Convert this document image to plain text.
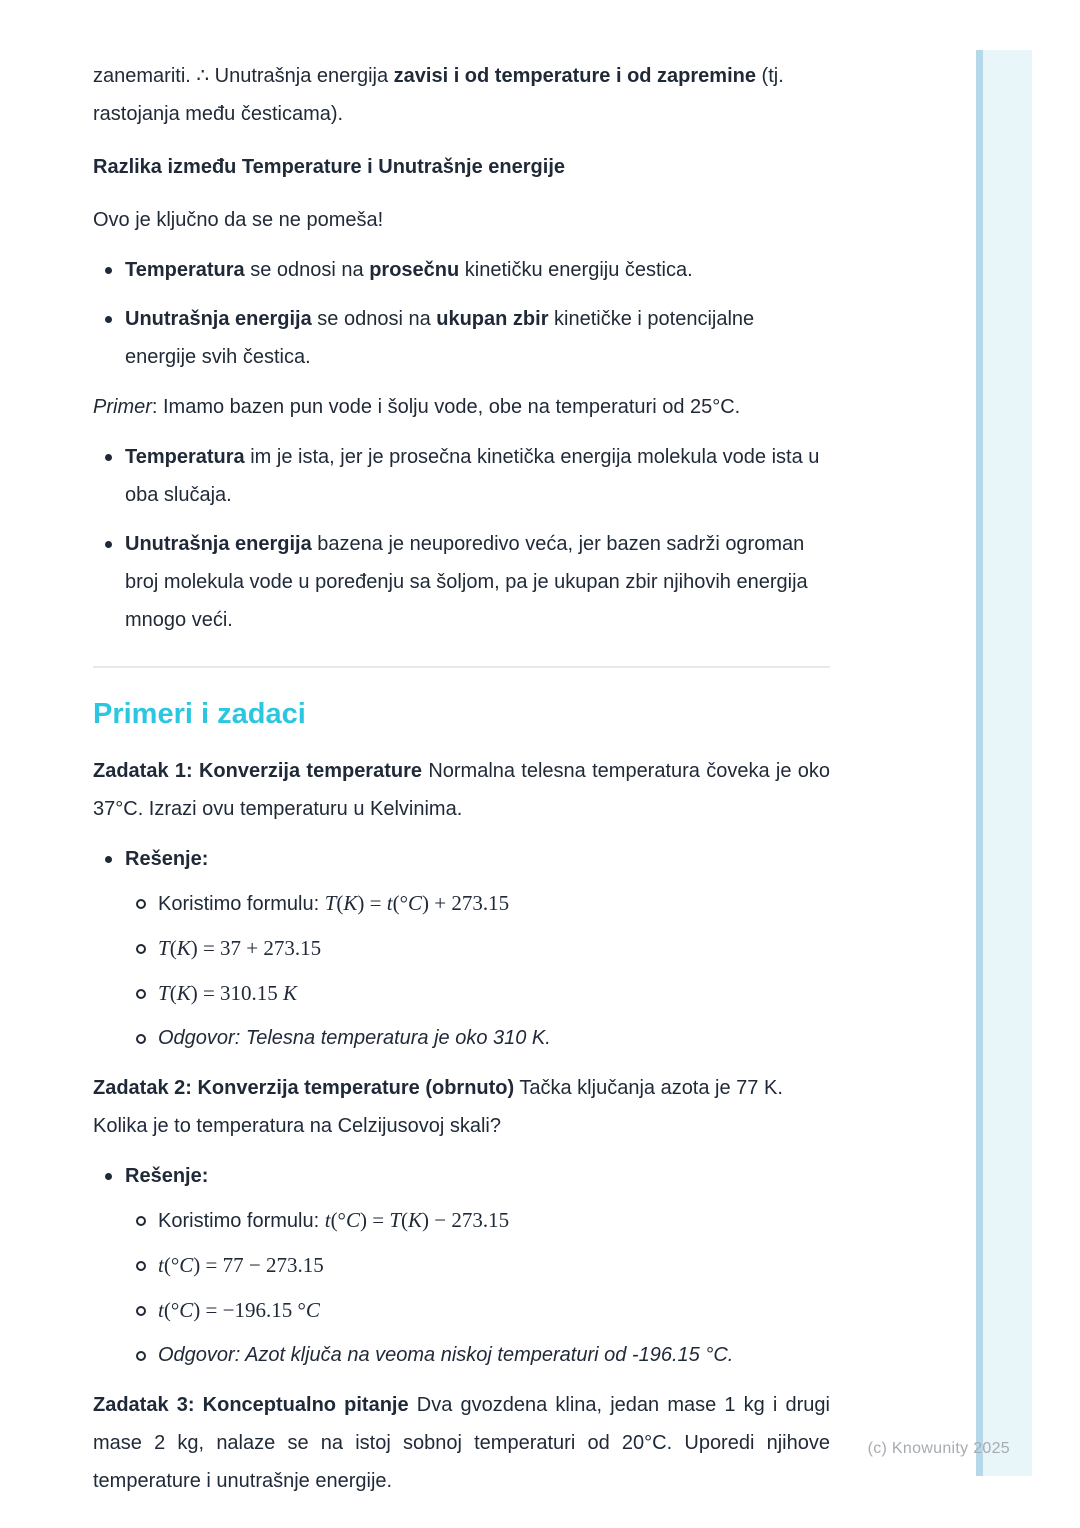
zanemariti. ∴ Unutrašnja energija zavisi i od temperature i od zapremine (tj. rastojanja među česticama).

Razlika između Temperature i Unutrašnje energije

Ovo je ključno da se ne pomeša!

Temperatura se odnosi na prosečnu kinetičku energiju čestica.
Unutrašnja energija se odnosi na ukupan zbir kinetičke i potencijalne energije svih čestica.

Primer: Imamo bazen pun vode i šolju vode, obe na temperaturi od 25°C.

Temperatura im je ista, jer je prosečna kinetička energija molekula vode ista u oba slučaja.
Unutrašnja energija bazena je neuporedivo veća, jer bazen sadrži ogroman broj molekula vode u poređenju sa šoljom, pa je ukupan zbir njihovih energija mnogo veći.
Primeri i zadaci

Zadatak 1: Konverzija temperature Normalna telesna temperatura čoveka je oko 37°C. Izrazi ovu temperaturu u Kelvinima.

Rešenje:
Koristimo formulu: T(K) = t(°C) + 273.15
T(K) = 37 + 273.15
T(K) = 310.15 K
Odgovor: Telesna temperatura je oko 310 K.

Zadatak 2: Konverzija temperature (obrnuto) Tačka ključanja azota je 77 K. Kolika je to temperatura na Celzijusovoj skali?

Rešenje:
Koristimo formulu: t(°C) = T(K) − 273.15
t(°C) = 77 − 273.15
t(°C) = −196.15 °C
Odgovor: Azot ključa na veoma niskoj temperaturi od -196.15 °C.

Zadatak 3: Konceptualno pitanje Dva gvozdena klina, jedan mase 1 kg i drugi mase 2 kg, nalaze se na istoj sobnoj temperaturi od 20°C. Uporedi njihove temperature i unutrašnje energije.

(c) Knowunity 2025
